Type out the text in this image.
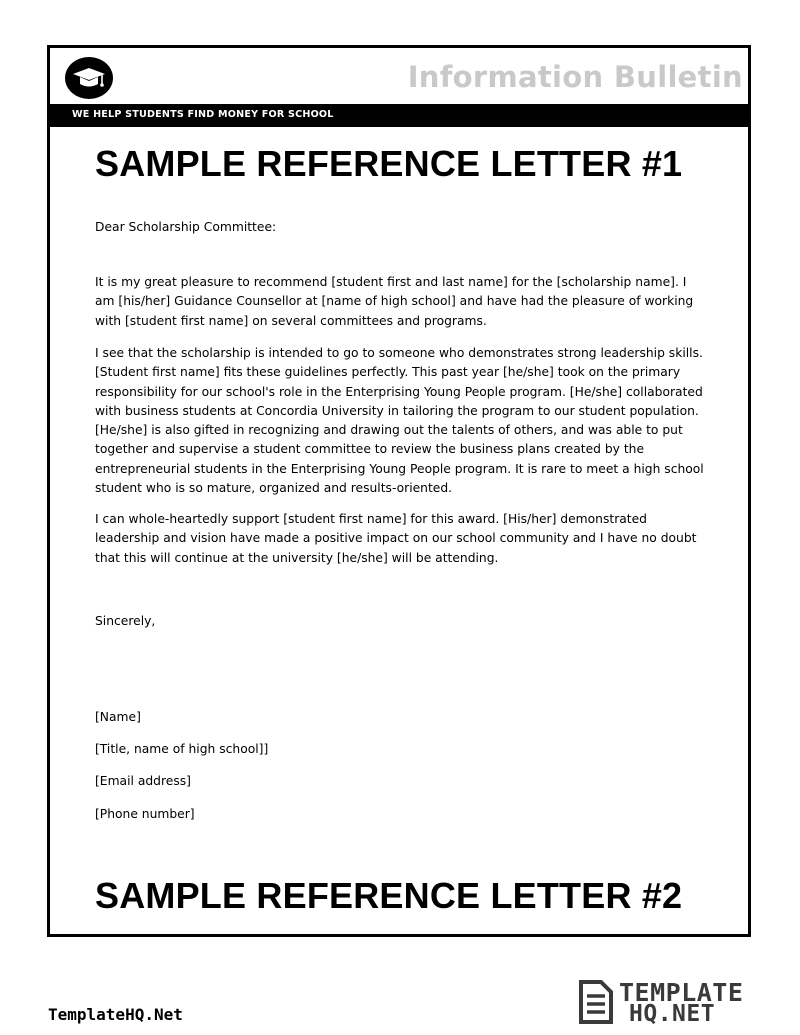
Information Bulletin
WE HELP STUDENTS FIND MONEY FOR SCHOOL
SAMPLE REFERENCE LETTER #1

Dear Scholarship Committee:

It is my great pleasure to recommend [student first and last name] for the [scholarship name]. I am [his/her] Guidance Counsellor at [name of high school] and have had the pleasure of working with [student first name] on several committees and programs.

I see that the scholarship is intended to go to someone who demonstrates strong leadership skills. [Student first name] fits these guidelines perfectly. This past year [he/she] took on the primary responsibility for our school's role in the Enterprising Young People program. [He/she] collaborated with business students at Concordia University in tailoring the program to our student population. [He/she] is also gifted in recognizing and drawing out the talents of others, and was able to put together and supervise a student committee to review the business plans created by the entrepreneurial students in the Enterprising Young People program. It is rare to meet a high school student who is so mature, organized and results-oriented.

I can whole-heartedly support [student first name] for this award. [His/her] demonstrated leadership and vision have made a positive impact on our school community and I have no doubt that this will continue at the university [he/she] will be attending.

Sincerely,

[Name]

[Title, name of high school]]

[Email address]

[Phone number]

SAMPLE REFERENCE LETTER #2
TemplateHQ.Net
TEMPLATE
HQ.NET
